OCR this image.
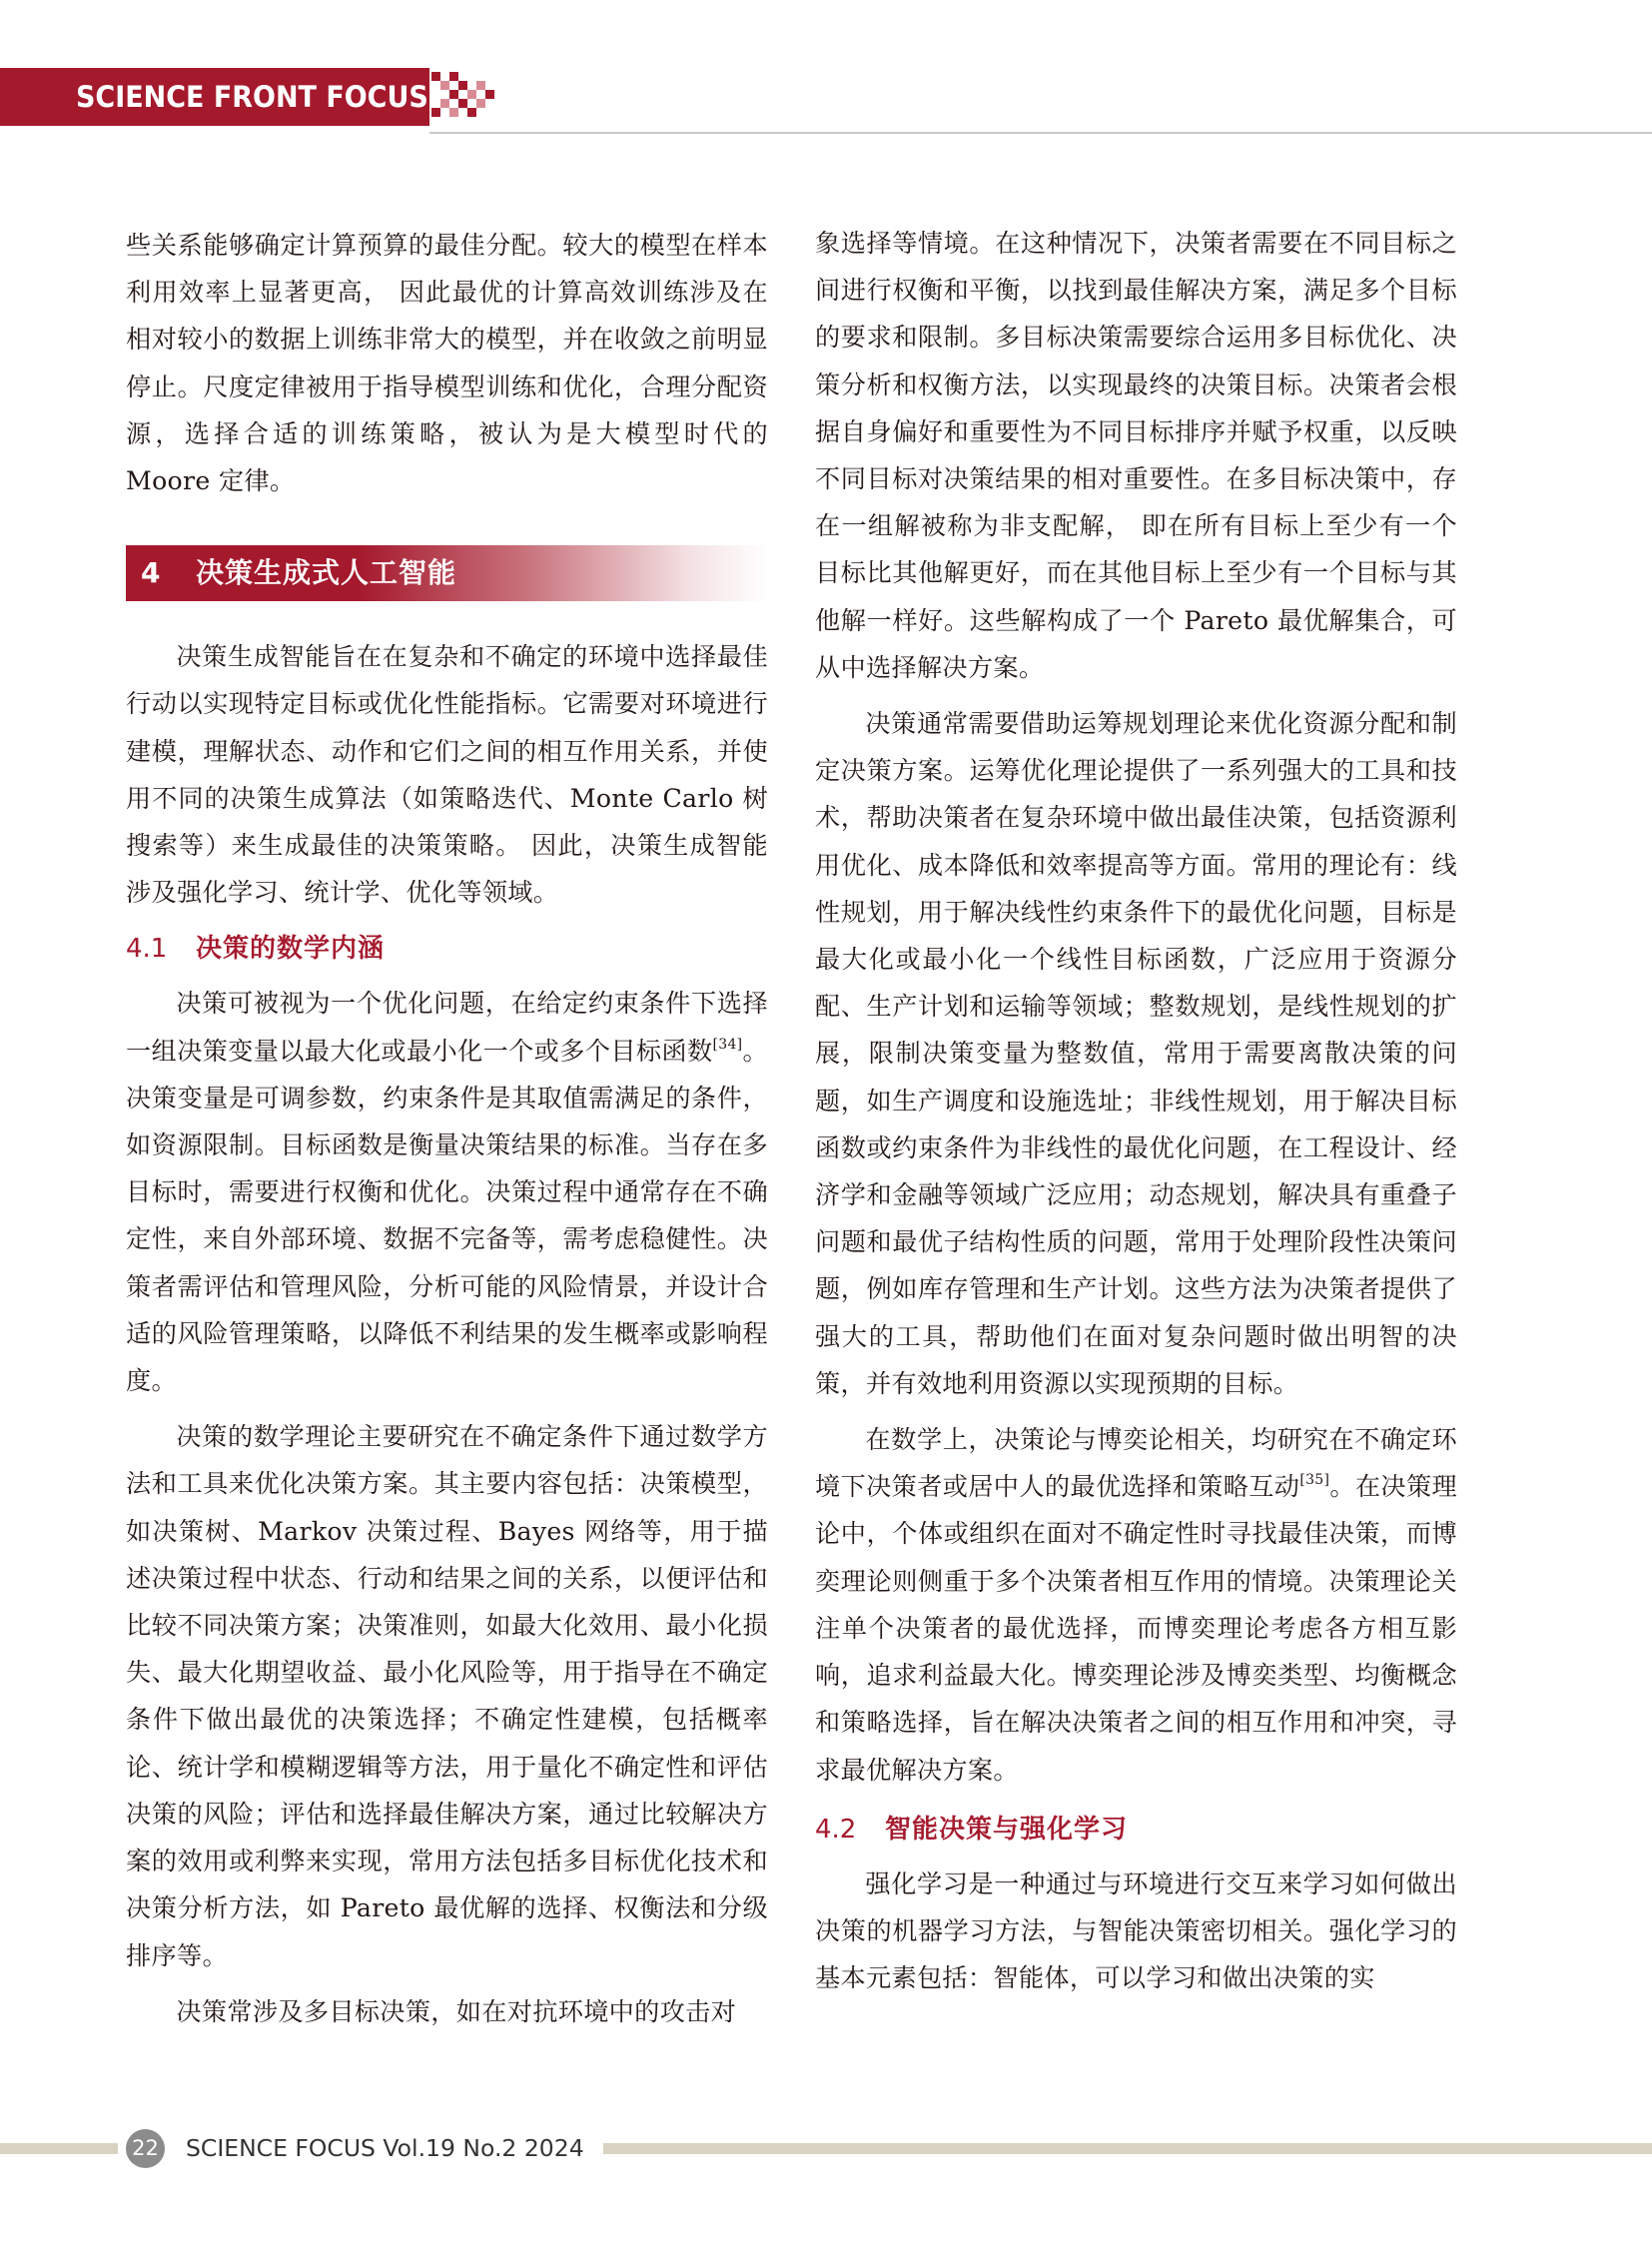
SCIENCE FRONT FOCUS

些关系能够确定计算预算的最佳分配。较大的模型在样本利用效率上显著更高， 因此最优的计算高效训练涉及在相对较小的数据上训练非常大的模型，并在收敛之前明显停止。尺度定律被用于指导模型训练和优化，合理分配资源，选择合适的训练策略，被认为是大模型时代的 Moore 定律。

4 决策生成式人工智能

决策生成智能旨在在复杂和不确定的环境中选择最佳行动以实现特定目标或优化性能指标。它需要对环境进行建模，理解状态、动作和它们之间的相互作用关系，并使用不同的决策生成算法（如策略迭代、Monte Carlo 树搜索等）来生成最佳的决策策略。 因此，决策生成智能涉及强化学习、统计学、优化等领域。

4.1 决策的数学内涵

决策可被视为一个优化问题，在给定约束条件下选择一组决策变量以最大化或最小化一个或多个目标函数[34]。决策变量是可调参数，约束条件是其取值需满足的条件，如资源限制。目标函数是衡量决策结果的标准。当存在多目标时，需要进行权衡和优化。决策过程中通常存在不确定性，来自外部环境、数据不完备等，需考虑稳健性。决策者需评估和管理风险，分析可能的风险情景，并设计合适的风险管理策略，以降低不利结果的发生概率或影响程度。

决策的数学理论主要研究在不确定条件下通过数学方法和工具来优化决策方案。其主要内容包括：决策模型，如决策树、Markov 决策过程、Bayes 网络等，用于描述决策过程中状态、行动和结果之间的关系，以便评估和比较不同决策方案；决策准则，如最大化效用、最小化损失、最大化期望收益、最小化风险等，用于指导在不确定条件下做出最优的决策选择；不确定性建模，包括概率论、统计学和模糊逻辑等方法，用于量化不确定性和评估决策的风险；评估和选择最佳解决方案，通过比较解决方案的效用或利弊来实现，常用方法包括多目标优化技术和决策分析方法，如 Pareto 最优解的选择、权衡法和分级排序等。

决策常涉及多目标决策，如在对抗环境中的攻击对

象选择等情境。在这种情况下，决策者需要在不同目标之间进行权衡和平衡，以找到最佳解决方案，满足多个目标的要求和限制。多目标决策需要综合运用多目标优化、决策分析和权衡方法，以实现最终的决策目标。决策者会根据自身偏好和重要性为不同目标排序并赋予权重，以反映不同目标对决策结果的相对重要性。在多目标决策中，存在一组解被称为非支配解， 即在所有目标上至少有一个目标比其他解更好，而在其他目标上至少有一个目标与其他解一样好。这些解构成了一个 Pareto 最优解集合，可从中选择解决方案。

决策通常需要借助运筹规划理论来优化资源分配和制定决策方案。运筹优化理论提供了一系列强大的工具和技术，帮助决策者在复杂环境中做出最佳决策，包括资源利用优化、成本降低和效率提高等方面。常用的理论有：线性规划，用于解决线性约束条件下的最优化问题，目标是最大化或最小化一个线性目标函数，广泛应用于资源分配、生产计划和运输等领域；整数规划，是线性规划的扩展，限制决策变量为整数值，常用于需要离散决策的问题，如生产调度和设施选址；非线性规划，用于解决目标函数或约束条件为非线性的最优化问题，在工程设计、经济学和金融等领域广泛应用；动态规划，解决具有重叠子问题和最优子结构性质的问题，常用于处理阶段性决策问题，例如库存管理和生产计划。这些方法为决策者提供了强大的工具，帮助他们在面对复杂问题时做出明智的决策，并有效地利用资源以实现预期的目标。

在数学上，决策论与博奕论相关，均研究在不确定环境下决策者或居中人的最优选择和策略互动[35]。在决策理论中，个体或组织在面对不确定性时寻找最佳决策，而博奕理论则侧重于多个决策者相互作用的情境。决策理论关注单个决策者的最优选择，而博奕理论考虑各方相互影响，追求利益最大化。博奕理论涉及博奕类型、均衡概念和策略选择，旨在解决决策者之间的相互作用和冲突，寻求最优解决方案。

4.2 智能决策与强化学习

强化学习是一种通过与环境进行交互来学习如何做出决策的机器学习方法，与智能决策密切相关。强化学习的基本元素包括：智能体，可以学习和做出决策的实

22 SCIENCE FOCUS Vol.19 No.2 2024
